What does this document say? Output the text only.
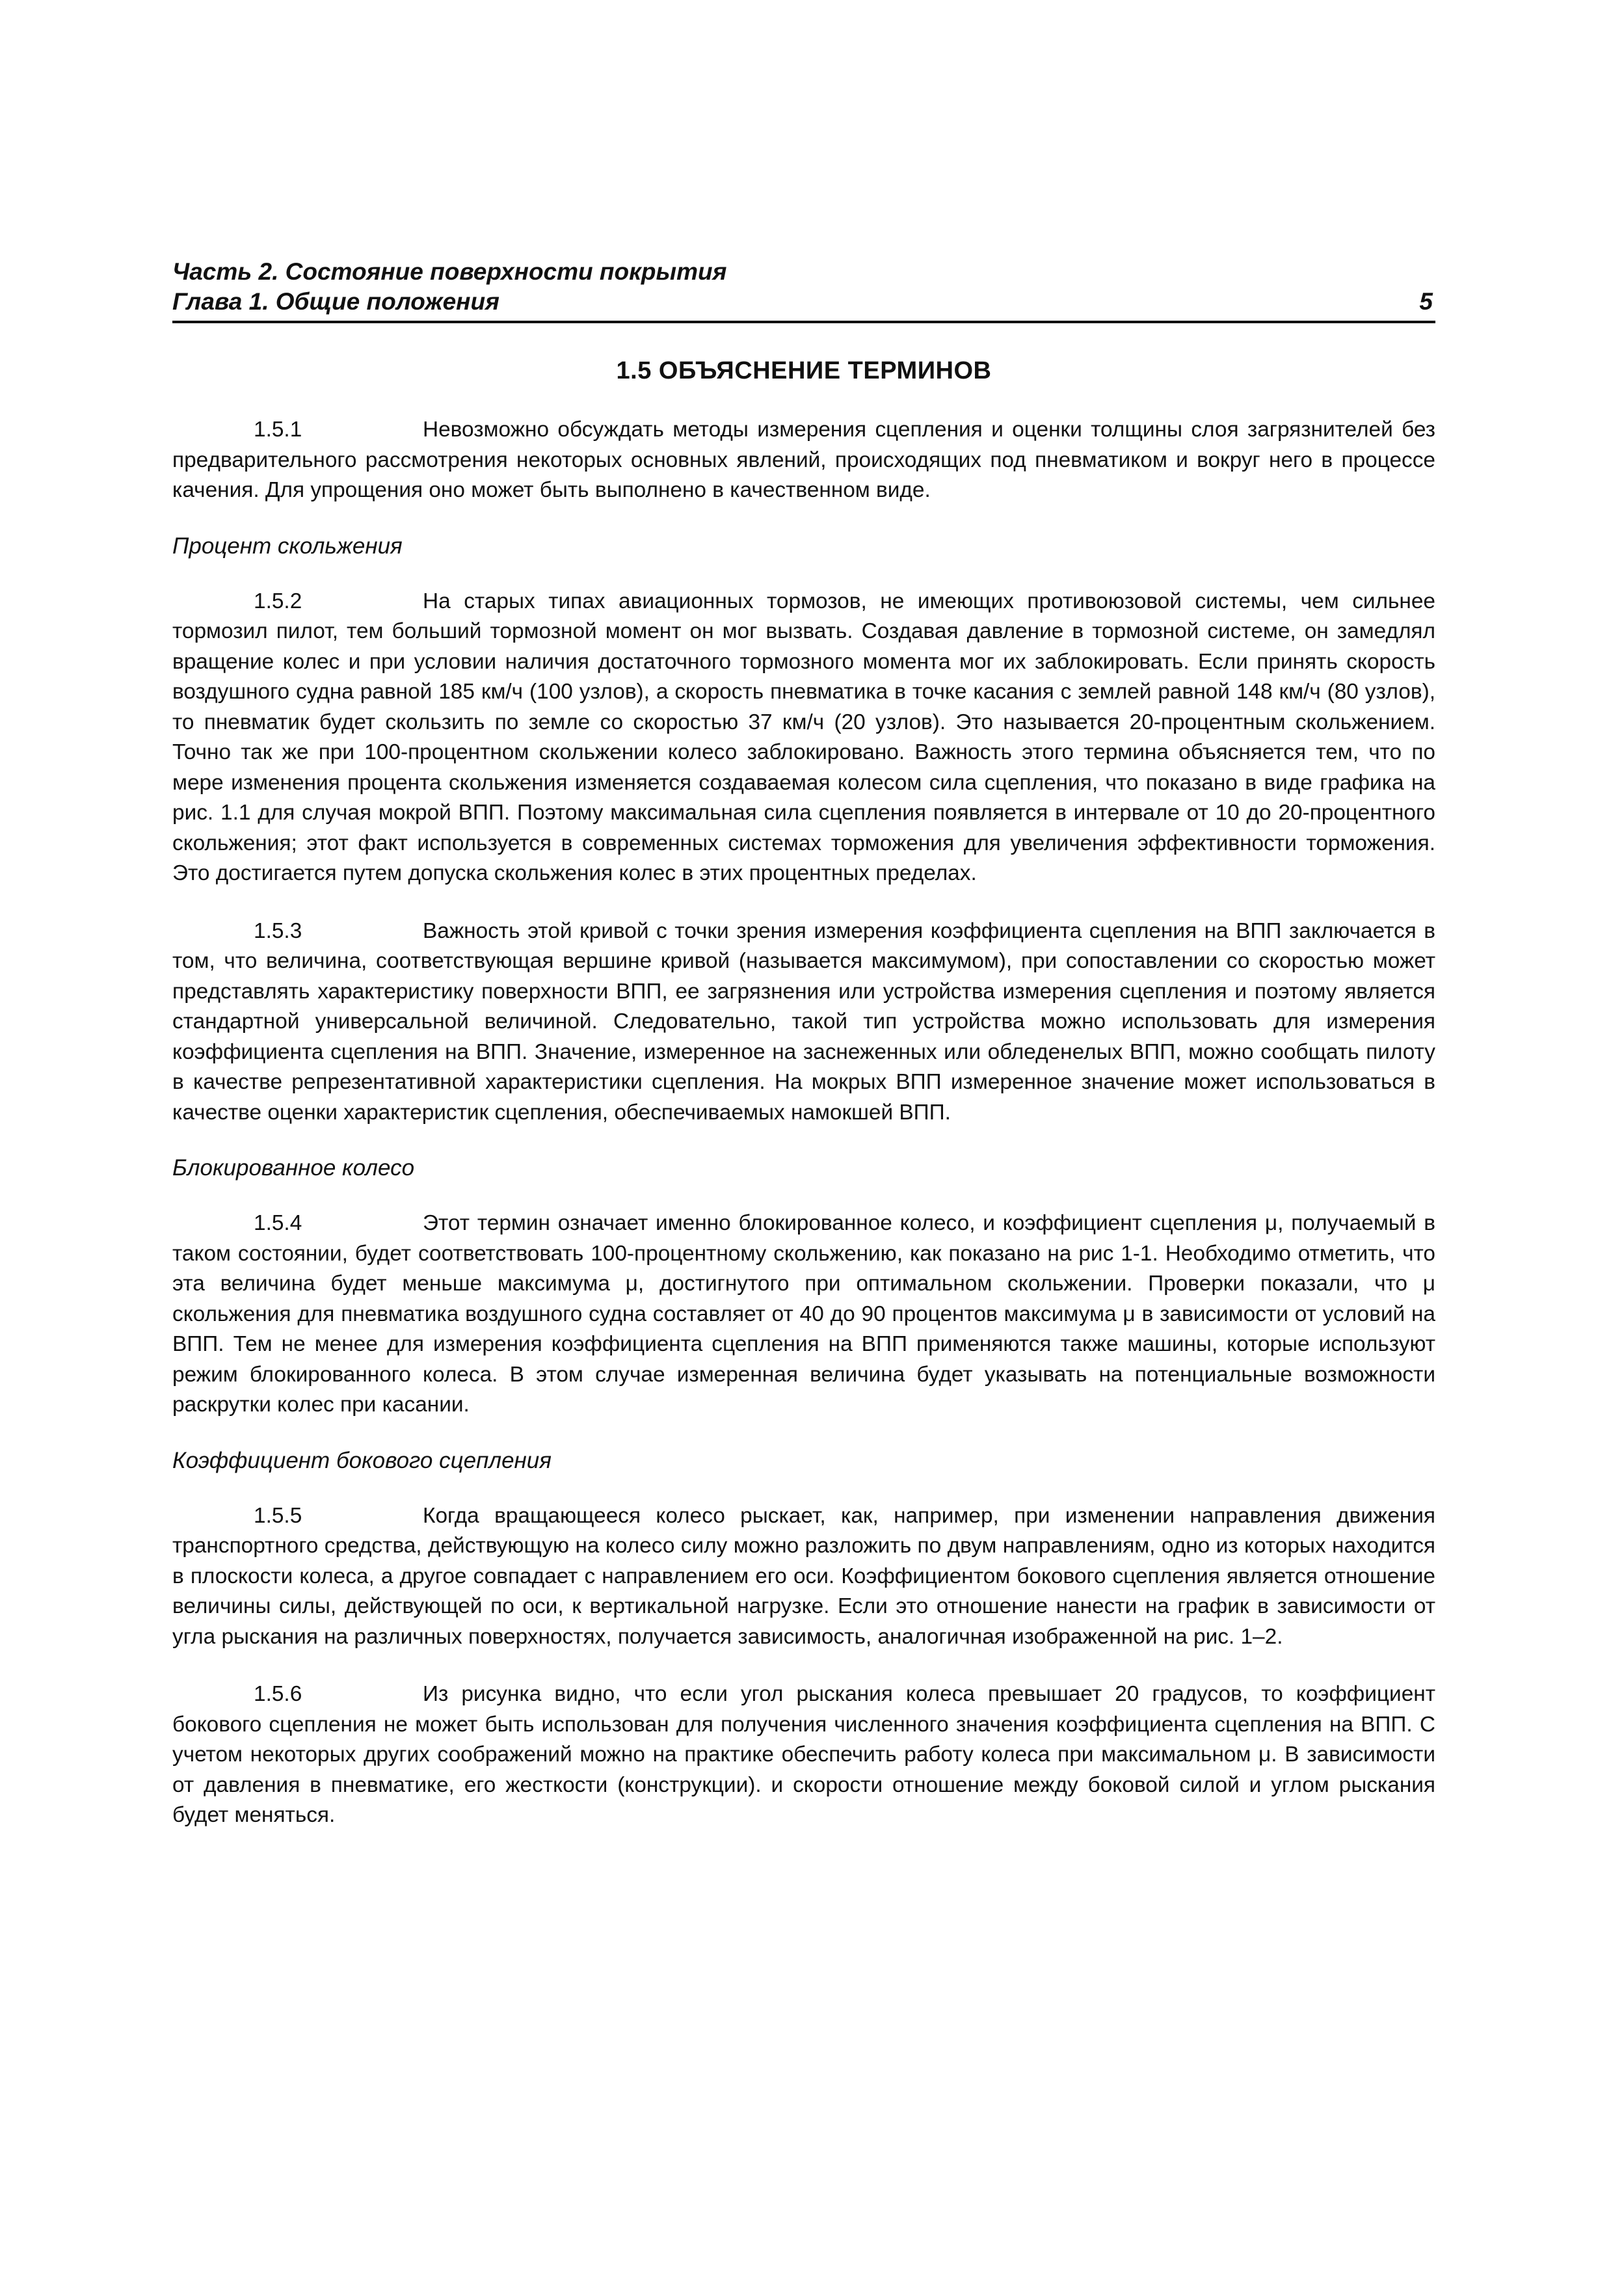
Часть 2. Состояние поверхности покрытия
Глава 1. Общие положения	5
1.5 ОБЪЯСНЕНИЕ ТЕРМИНОВ

1.5.1	Невозможно обсуждать методы измерения сцепления и оценки толщины слоя загрязнителей без предварительного рассмотрения некоторых основных явлений, происходящих под пневматиком и вокруг него в процессе качения. Для упрощения оно может быть выполнено в качественном виде.

Процент скольжения

1.5.2	На старых типах авиационных тормозов, не имеющих противоюзовой системы, чем сильнее тормозил пилот, тем больший тормозной момент он мог вызвать. Создавая давление в тормозной системе, он замедлял вращение колес и при условии наличия достаточного тормозного момента мог их заблокировать. Если принять скорость воздушного судна равной 185 км/ч (100 узлов), а скорость пневматика в точке касания с землей равной 148 км/ч (80 узлов), то пневматик будет скользить по земле со скоростью 37 км/ч (20 узлов). Это называется 20-процентным скольжением. Точно так же при 100-процентном скольжении колесо заблокировано. Важность этого термина объясняется тем, что по мере изменения процента скольжения изменяется создаваемая колесом сила сцепления, что показано в виде графика на рис. 1.1 для случая мокрой ВПП. Поэтому максимальная сила сцепления появляется в интервале от 10 до 20-процентного скольжения; этот факт используется в современных системах торможения для увеличения эффективности торможения. Это достигается путем допуска скольжения колес в этих процентных пределах.

1.5.3	Важность этой кривой с точки зрения измерения коэффициента сцепления на ВПП заключается в том, что величина, соответствующая вершине кривой (называется максимумом), при сопоставлении со скоростью может представлять характеристику поверхности ВПП, ее загрязнения или устройства измерения сцепления и поэтому является стандартной универсальной величиной. Следовательно, такой тип устройства можно использовать для измерения коэффициента сцепления на ВПП. Значение, измеренное на заснеженных или обледенелых ВПП, можно сообщать пилоту в качестве репрезентативной характеристики сцепления. На мокрых ВПП измеренное значение может использоваться в качестве оценки характеристик сцепления, обеспечиваемых намокшей ВПП.

Блокированное колесо

1.5.4	Этот термин означает именно блокированное колесо, и коэффициент сцепления μ, получаемый в таком состоянии, будет соответствовать 100-процентному скольжению, как показано на рис 1-1. Необходимо отметить, что эта величина будет меньше максимума μ, достигнутого при оптимальном скольжении. Проверки показали, что μ скольжения для пневматика воздушного судна составляет от 40 до 90 процентов максимума μ в зависимости от условий на ВПП. Тем не менее для измерения коэффициента сцепления на ВПП применяются также машины, которые используют режим блокированного колеса. В этом случае измеренная величина будет указывать на потенциальные возможности раскрутки колес при касании.

Коэффициент бокового сцепления

1.5.5	Когда вращающееся колесо рыскает, как, например, при изменении направления движения транспортного средства, действующую на колесо силу можно разложить по двум направлениям, одно из которых находится в плоскости колеса, а другое совпадает с направлением его оси. Коэффициентом бокового сцепления является отношение величины силы, действующей по оси, к вертикальной нагрузке. Если это отношение нанести на график в зависимости от угла рыскания на различных поверхностях, получается зависимость, аналогичная изображенной на рис. 1–2.

1.5.6	Из рисунка видно, что если угол рыскания колеса превышает 20 градусов, то коэффициент бокового сцепления не может быть использован для получения численного значения коэффициента сцепления на ВПП. С учетом некоторых других соображений можно на практике обеспечить работу колеса при максимальном μ. В зависимости от давления в пневматике, его жесткости (конструкции). и скорости отношение между боковой силой и углом рыскания будет меняться.
